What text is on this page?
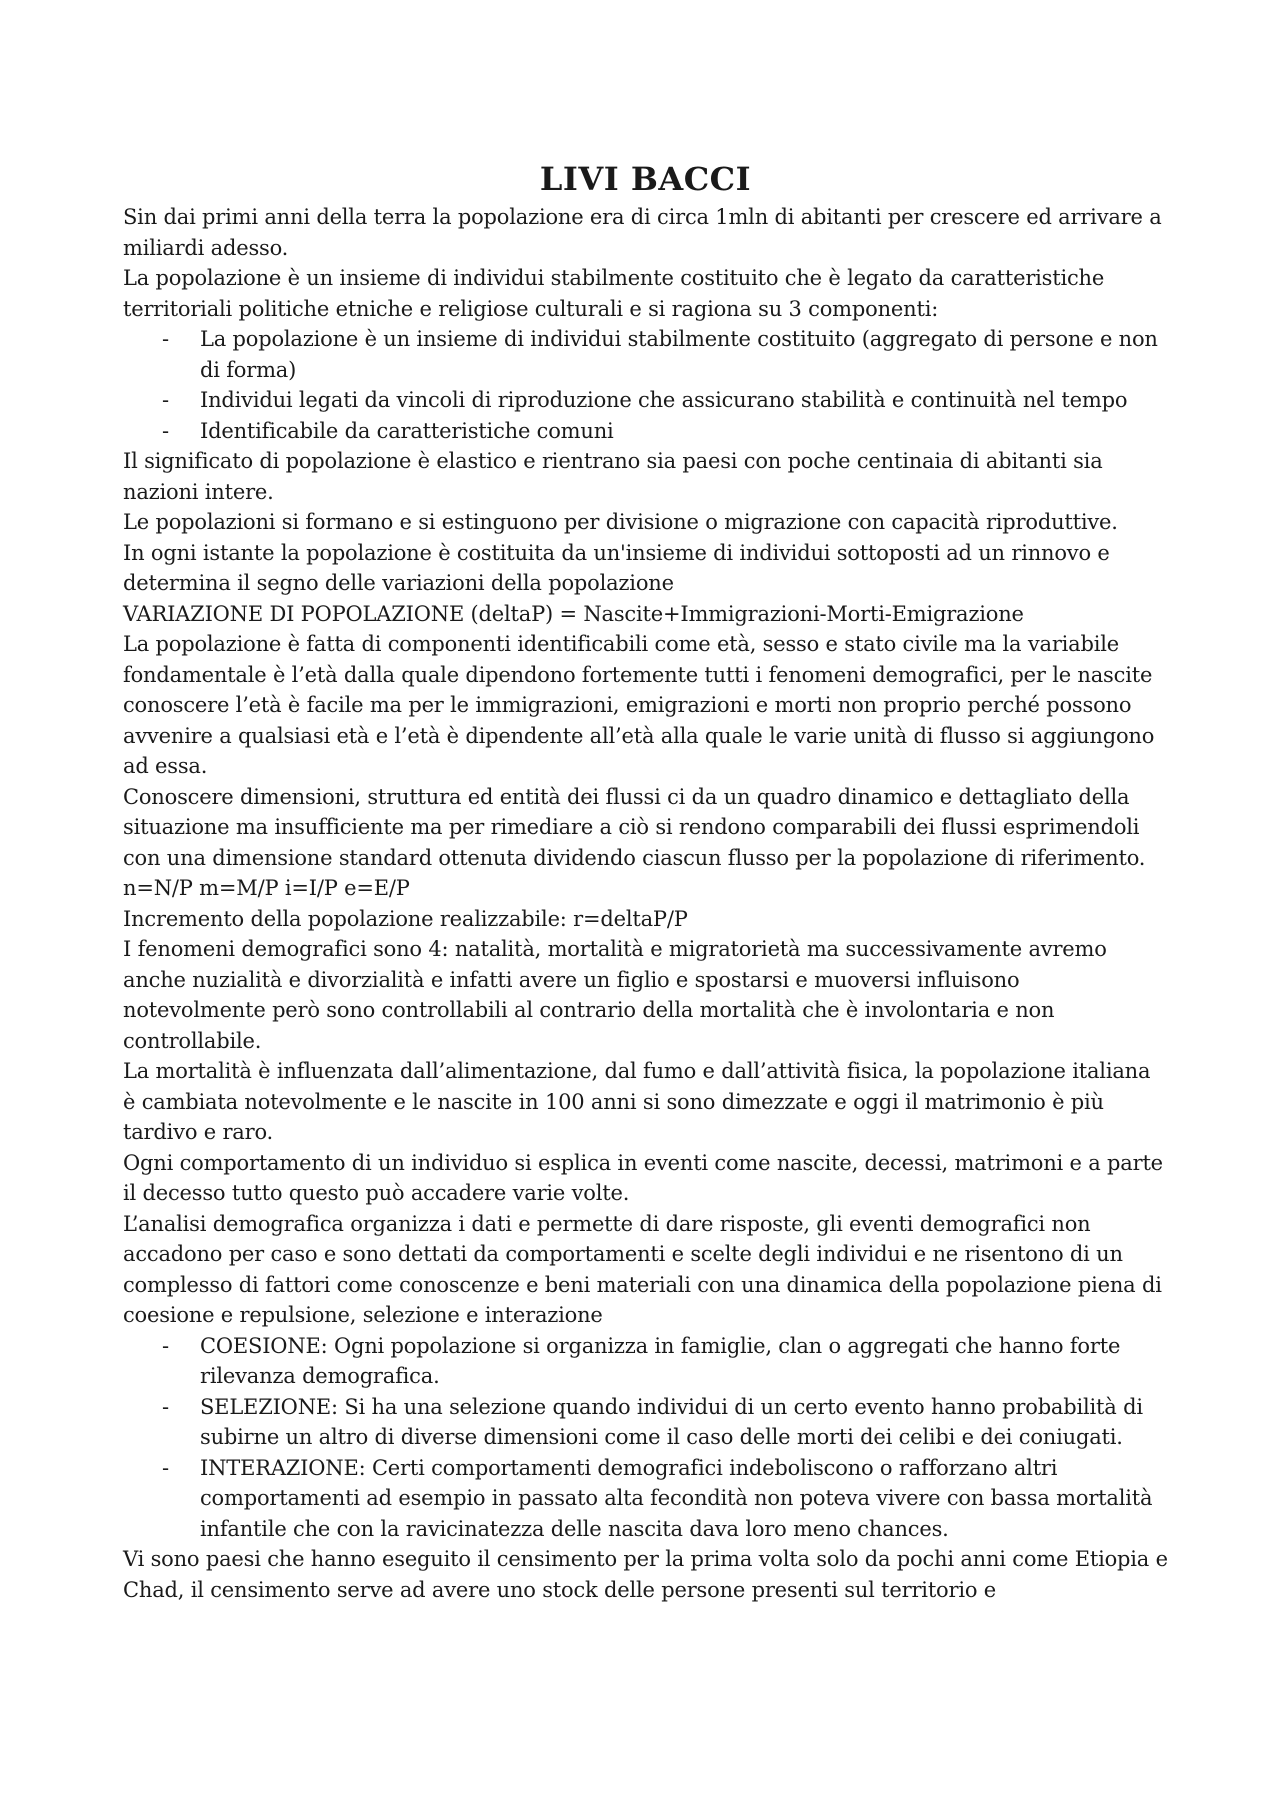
LIVI BACCI

Sin dai primi anni della terra la popolazione era di circa 1mln di abitanti per crescere ed arrivare a miliardi adesso.

La popolazione è un insieme di individui stabilmente costituito che è legato da caratteristiche territoriali politiche etniche e religiose culturali e si ragiona su 3 componenti:

- La popolazione è un insieme di individui stabilmente costituito (aggregato di persone e non di forma)
- Individui legati da vincoli di riproduzione che assicurano stabilità e continuità nel tempo
- Identificabile da caratteristiche comuni

Il significato di popolazione è elastico e rientrano sia paesi con poche centinaia di abitanti sia nazioni intere.

Le popolazioni si formano e si estinguono per divisione o migrazione con capacità riproduttive.

In ogni istante la popolazione è costituita da un'insieme di individui sottoposti ad un rinnovo e determina il segno delle variazioni della popolazione

VARIAZIONE DI POPOLAZIONE (deltaP) = Nascite+Immigrazioni-Morti-Emigrazione

La popolazione è fatta di componenti identificabili come età, sesso e stato civile ma la variabile fondamentale è l’età dalla quale dipendono fortemente tutti i fenomeni demografici, per le nascite conoscere l’età è facile ma per le immigrazioni, emigrazioni e morti non proprio perché possono avvenire a qualsiasi età e l’età è dipendente all’età alla quale le varie unità di flusso si aggiungono ad essa.

Conoscere dimensioni, struttura ed entità dei flussi ci da un quadro dinamico e dettagliato della situazione ma insufficiente ma per rimediare a ciò si rendono comparabili dei flussi esprimendoli con una dimensione standard ottenuta dividendo ciascun flusso per la popolazione di riferimento. n=N/P m=M/P i=I/P e=E/P

Incremento della popolazione realizzabile: r=deltaP/P

I fenomeni demografici sono 4: natalità, mortalità e migratorietà ma successivamente avremo anche nuzialità e divorzialità e infatti avere un figlio e spostarsi e muoversi influisono notevolmente però sono controllabili al contrario della mortalità che è involontaria e non controllabile.

La mortalità è influenzata dall’alimentazione, dal fumo e dall’attività fisica, la popolazione italiana è cambiata notevolmente e le nascite in 100 anni si sono dimezzate e oggi il matrimonio è più tardivo e raro.

Ogni comportamento di un individuo si esplica in eventi come nascite, decessi, matrimoni e a parte il decesso tutto questo può accadere varie volte.

L’analisi demografica organizza i dati e permette di dare risposte, gli eventi demografici non accadono per caso e sono dettati da comportamenti e scelte degli individui e ne risentono di un complesso di fattori come conoscenze e beni materiali con una dinamica della popolazione piena di coesione e repulsione, selezione e interazione

- COESIONE: Ogni popolazione si organizza in famiglie, clan o aggregati che hanno forte rilevanza demografica.
- SELEZIONE: Si ha una selezione quando individui di un certo evento hanno probabilità di subirne un altro di diverse dimensioni come il caso delle morti dei celibi e dei coniugati.
- INTERAZIONE: Certi comportamenti demografici indeboliscono o rafforzano altri comportamenti ad esempio in passato alta fecondità non poteva vivere con bassa mortalità infantile che con la ravicinatezza delle nascita dava loro meno chances.

Vi sono paesi che hanno eseguito il censimento per la prima volta solo da pochi anni come Etiopia e Chad, il censimento serve ad avere uno stock delle persone presenti sul territorio e
